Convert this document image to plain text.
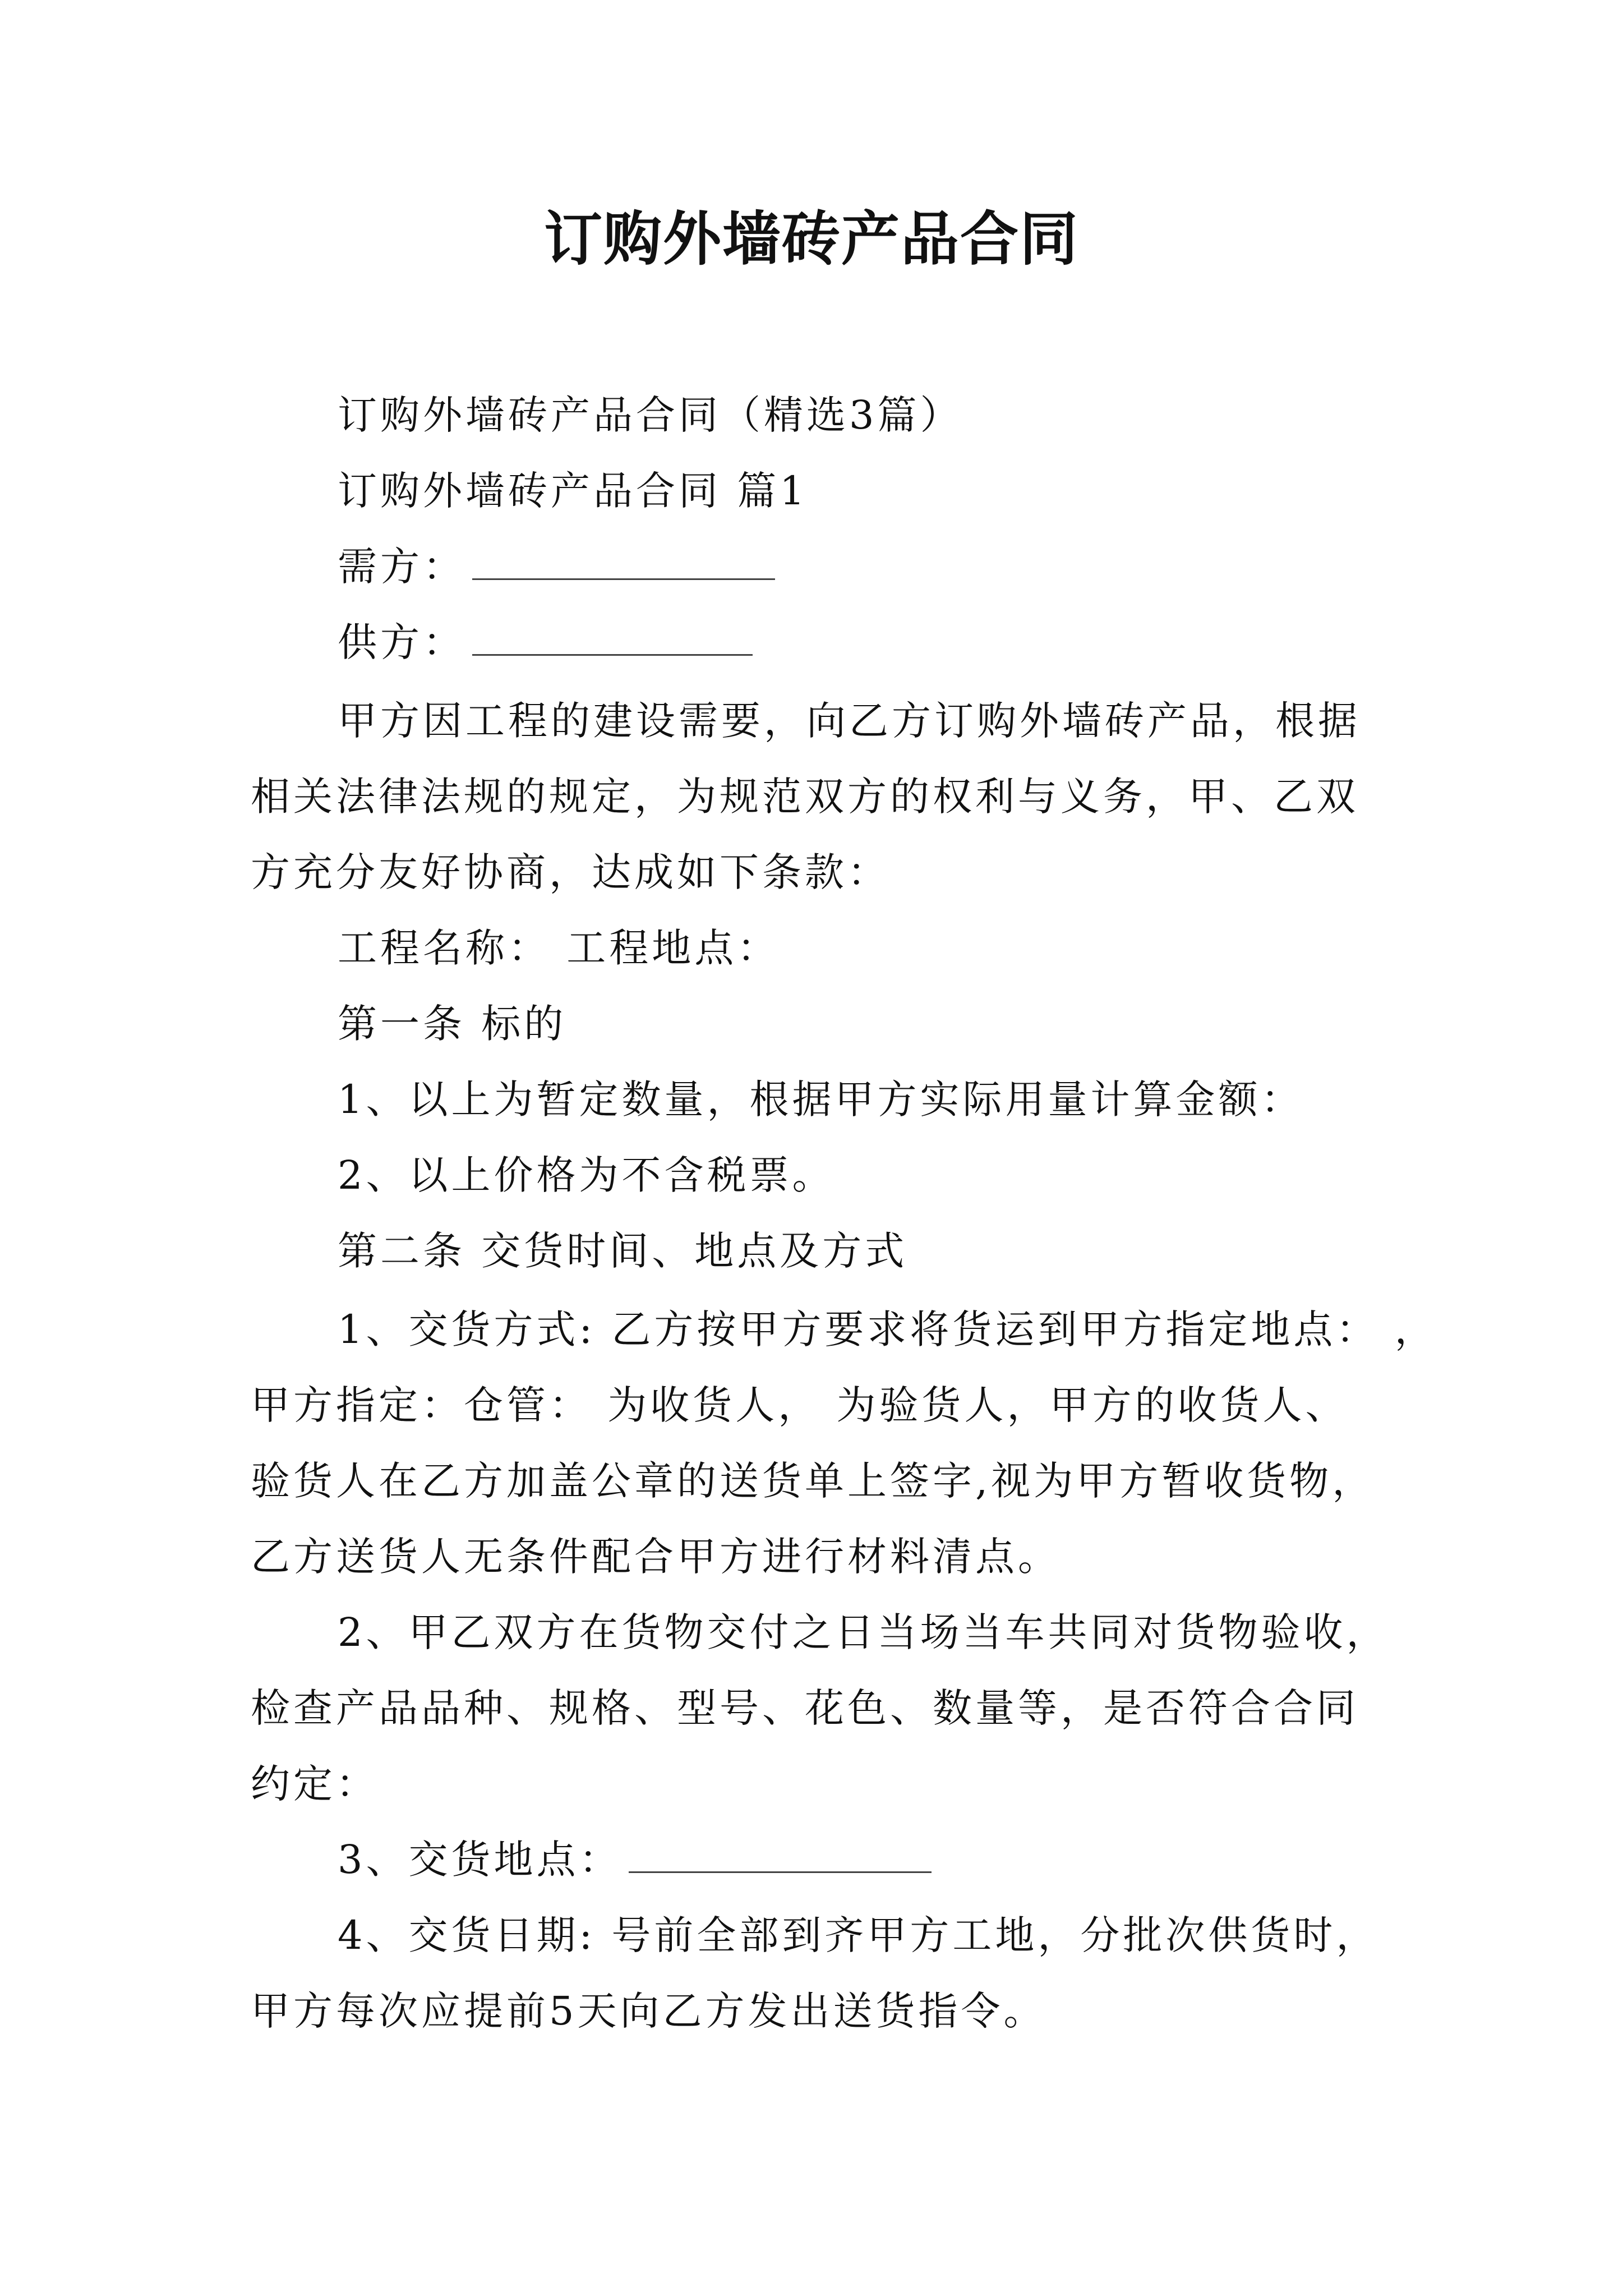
订购外墙砖产品合同
订购外墙砖产品合同（精选3篇）
订购外墙砖产品合同 篇1
需方：
供方：
甲方因工程的建设需要，向乙方订购外墙砖产品，根据
相关法律法规的规定，为规范双方的权利与义务，甲、乙双
方充分友好协商，达成如下条款：
工程名称： 工程地点：
第一条 标的
1、以上为暂定数量，根据甲方实际用量计算金额：
2、以上价格为不含税票。
第二条 交货时间、地点及方式
1、交货方式: 乙方按甲方要求将货运到甲方指定地点： ，
甲方指定：仓管： 为收货人， 为验货人，甲方的收货人、
验货人在乙方加盖公章的送货单上签字,视为甲方暂收货物，
乙方送货人无条件配合甲方进行材料清点。
2、甲乙双方在货物交付之日当场当车共同对货物验收，
检查产品品种、规格、型号、花色、数量等，是否符合合同
约定：
3、交货地点：
4、交货日期: 号前全部到齐甲方工地，分批次供货时，
甲方每次应提前5天向乙方发出送货指令。
